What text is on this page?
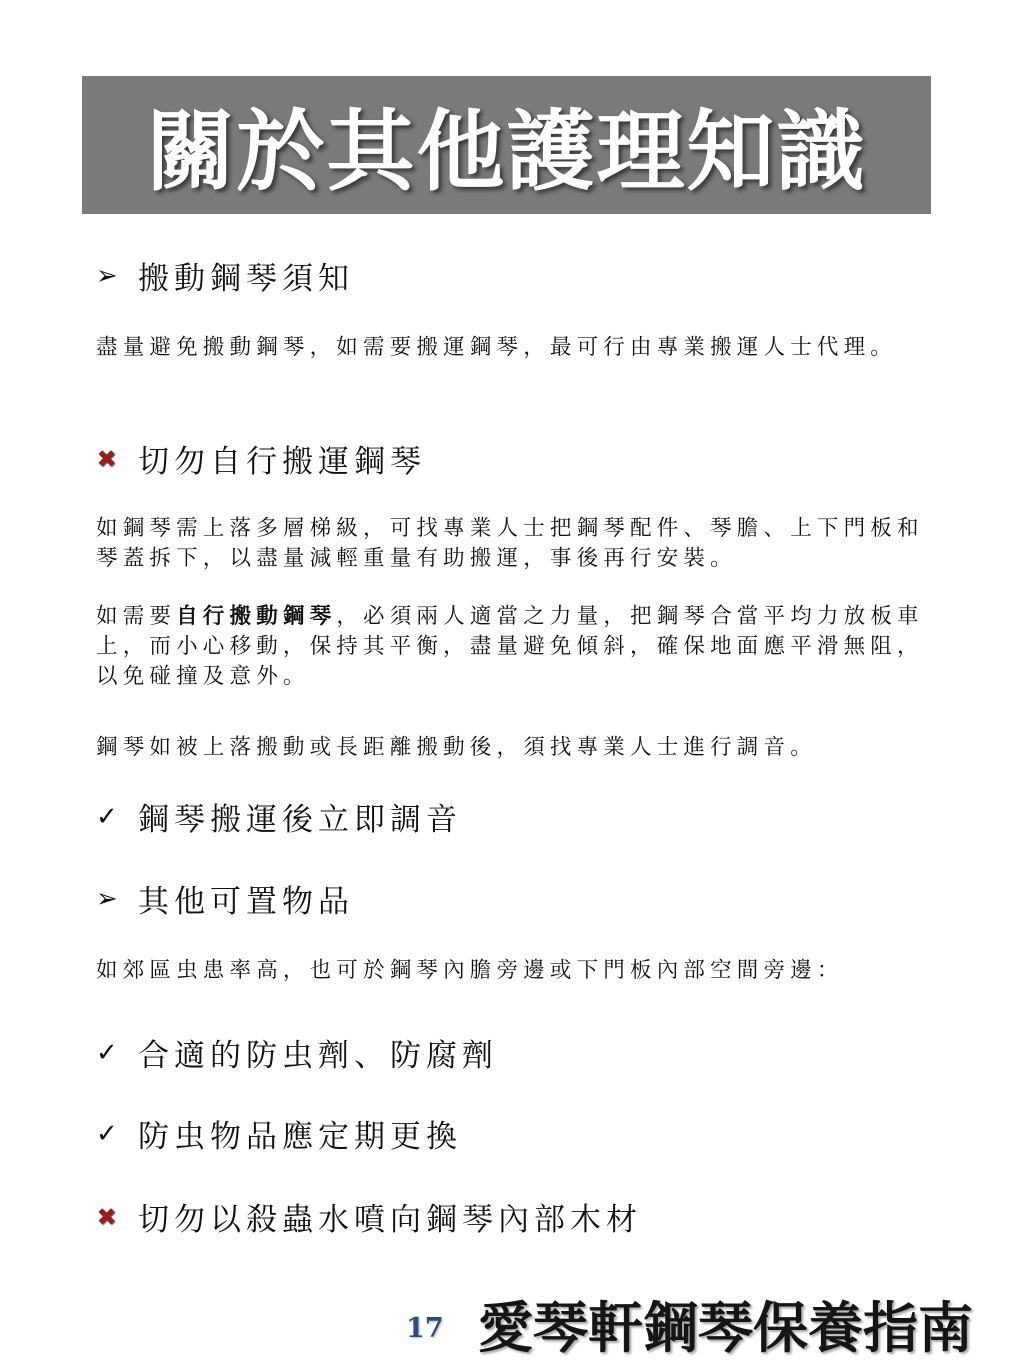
關於其他護理知識
➢ 搬動鋼琴須知
盡量避免搬動鋼琴，如需要搬運鋼琴，最可行由專業搬運人士代理。
✖ 切勿自行搬運鋼琴
如鋼琴需上落多層梯級，可找專業人士把鋼琴配件、琴膽、上下門板和琴蓋拆下，以盡量減輕重量有助搬運，事後再行安裝。
如需要自行搬動鋼琴，必須兩人適當之力量，把鋼琴合當平均力放板車上，而小心移動，保持其平衡，盡量避免傾斜，確保地面應平滑無阻，以免碰撞及意外。
鋼琴如被上落搬動或長距離搬動後，須找專業人士進行調音。
✓ 鋼琴搬運後立即調音
➢ 其他可置物品
如郊區虫患率高，也可於鋼琴內膽旁邊或下門板內部空間旁邊：
✓ 合適的防虫劑、防腐劑
✓ 防虫物品應定期更換
✖ 切勿以殺蟲水噴向鋼琴內部木材
17 愛琴軒鋼琴保養指南
